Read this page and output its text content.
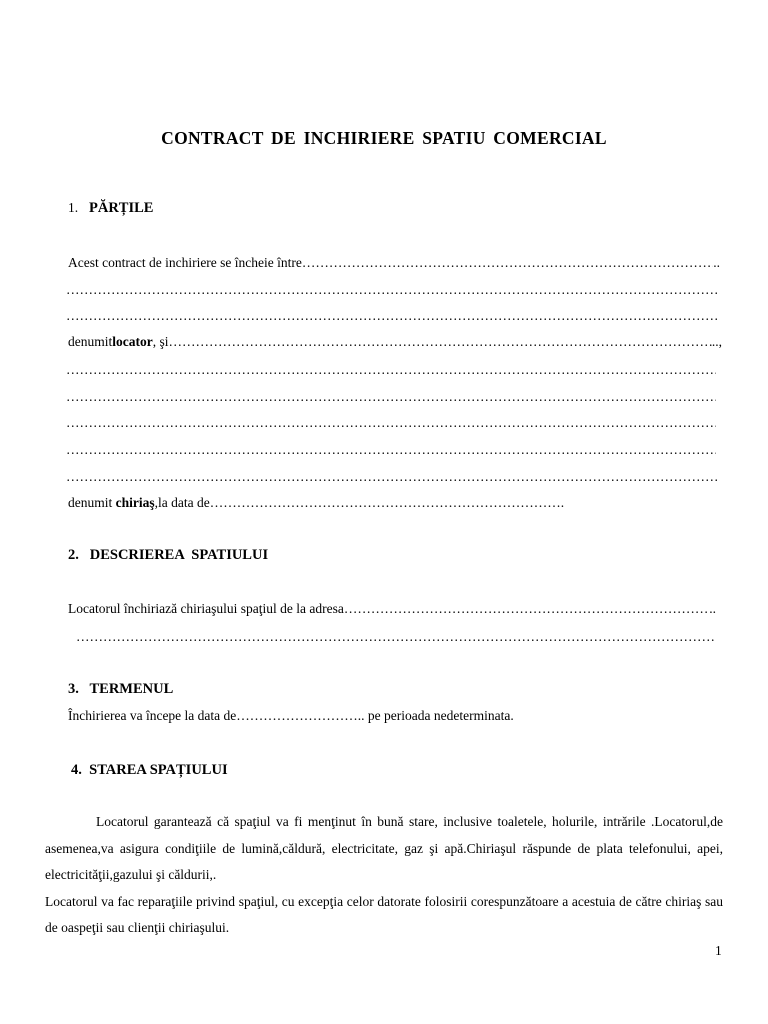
CONTRACT DE INCHIRIERE SPATIU COMERCIAL
1. PĂRȚILE
Acest contract de inchiriere se încheie între ……………………………………………………………………………………………………………………………………………………………………	..
……………………………………………………………………………………………………………………………………………………………………
……………………………………………………………………………………………………………………………………………………………………
denumit locator , şi ……………………………………………………………………………………………………………………………………………………………………	..,
……………………………………………………………………………………………………………………………………………………………………
……………………………………………………………………………………………………………………………………………………………………
……………………………………………………………………………………………………………………………………………………………………
……………………………………………………………………………………………………………………………………………………………………
……………………………………………………………………………………………………………………………………………………………………
denumit chiriaş,la data de…………………………………………………………………….
2.   DESCRIEREA  SPATIULUI
Locatorul închiriază chiriaşului spaţiul de la adresa ……………………………………………………………………………………………………………………………………………………………………	..
……………………………………………………………………………………………………………………………………………………………………
3.   TERMENUL
Închirierea va începe la data de……………………….. pe perioada nedeterminata.
4.  STAREA SPAȚIULUI

Locatorul garantează că spaţiul va fi menţinut în bună stare, inclusive toaletele, holurile, intrările .Locatorul,de asemenea,va asigura condiţiile de lumină,căldură, electricitate, gaz şi apă.Chiriaşul răspunde de plata telefonului, apei, electricităţii,gazului şi căldurii,.

Locatorul va fac reparaţiile privind spaţiul, cu excepţia celor datorate folosirii corespunzătoare a acestuia de către chiriaş sau de oaspeţii sau clienţii chiriaşului.

1
